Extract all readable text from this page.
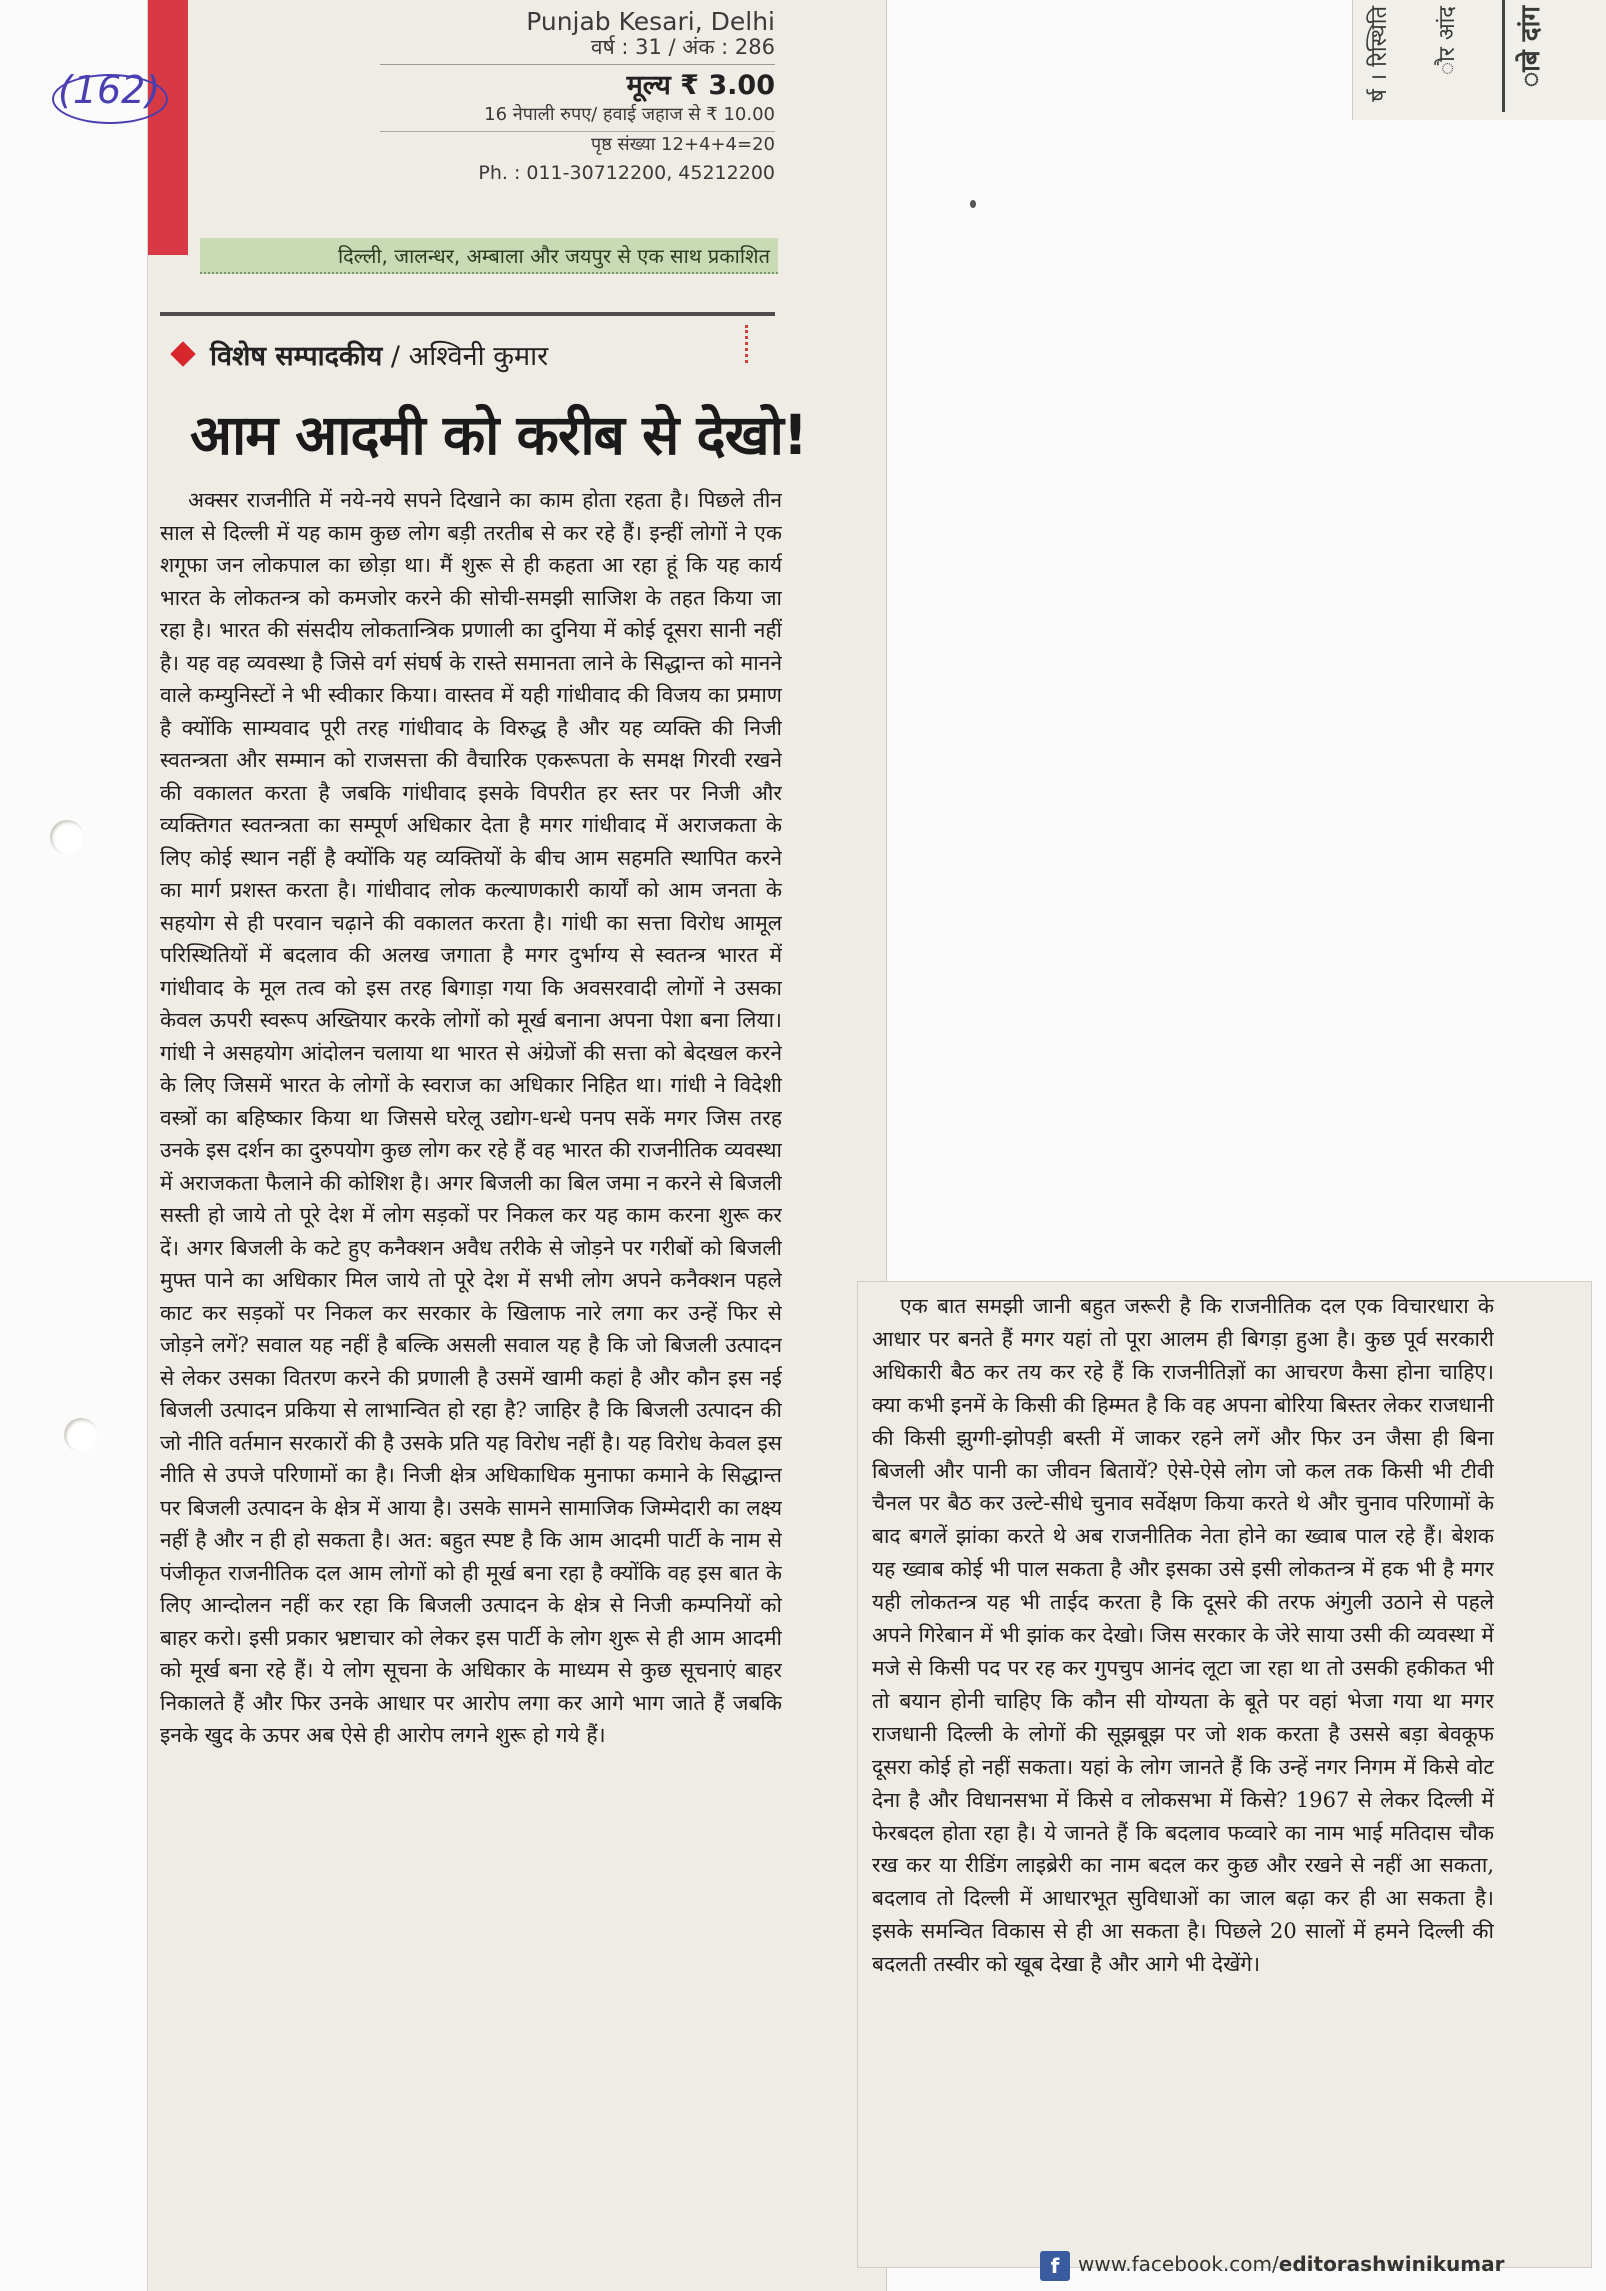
(162)
Punjab Kesari, Delhi
वर्ष : 31 / अंक : 286
मूल्य ₹ 3.00
16 नेपाली रुपए/ हवाई जहाज से ₹ 10.00
पृष्ठ संख्या 12+4+4=20
Ph. : 011-30712200, 45212200
दिल्ली, जालन्धर, अम्बाला और जयपुर से एक साथ प्रकाशित
विशेष सम्पादकीय / अश्विनी कुमार
आम आदमी को करीब से देखो!

अक्सर राजनीति में नये-नये सपने दिखाने का काम होता रहता है। पिछले तीन साल से दिल्ली में यह काम कुछ लोग बड़ी तरतीब से कर रहे हैं। इन्हीं लोगों ने एक शगूफा जन लोकपाल का छोड़ा था। मैं शुरू से ही कहता आ रहा हूं कि यह कार्य भारत के लोकतन्त्र को कमजोर करने की सोची-समझी साजिश के तहत किया जा रहा है। भारत की संसदीय लोकतान्त्रिक प्रणाली का दुनिया में कोई दूसरा सानी नहीं है। यह वह व्यवस्था है जिसे वर्ग संघर्ष के रास्ते समानता लाने के सिद्धान्त को मानने वाले कम्युनिस्टों ने भी स्वीकार किया। वास्तव में यही गांधीवाद की विजय का प्रमाण है क्योंकि साम्यवाद पूरी तरह गांधीवाद के विरुद्ध है और यह व्यक्ति की निजी स्वतन्त्रता और सम्मान को राजसत्ता की वैचारिक एकरूपता के समक्ष गिरवी रखने की वकालत करता है जबकि गांधीवाद इसके विपरीत हर स्तर पर निजी और व्यक्तिगत स्वतन्त्रता का सम्पूर्ण अधिकार देता है मगर गांधीवाद में अराजकता के लिए कोई स्थान नहीं है क्योंकि यह व्यक्तियों के बीच आम सहमति स्थापित करने का मार्ग प्रशस्त करता है। गांधीवाद लोक कल्याणकारी कार्यों को आम जनता के सहयोग से ही परवान चढ़ाने की वकालत करता है। गांधी का सत्ता विरोध आमूल परिस्थितियों में बदलाव की अलख जगाता है मगर दुर्भाग्य से स्वतन्त्र भारत में गांधीवाद के मूल तत्व को इस तरह बिगाड़ा गया कि अवसरवादी लोगों ने उसका केवल ऊपरी स्वरूप अख्तियार करके लोगों को मूर्ख बनाना अपना पेशा बना लिया। गांधी ने असहयोग आंदोलन चलाया था भारत से अंग्रेजों की सत्ता को बेदखल करने के लिए जिसमें भारत के लोगों के स्वराज का अधिकार निहित था। गांधी ने विदेशी वस्त्रों का बहिष्कार किया था जिससे घरेलू उद्योग-धन्धे पनप सकें मगर जिस तरह उनके इस दर्शन का दुरुपयोग कुछ लोग कर रहे हैं वह भारत की राजनीतिक व्यवस्था में अराजकता फैलाने की कोशिश है। अगर बिजली का बिल जमा न करने से बिजली सस्ती हो जाये तो पूरे देश में लोग सड़कों पर निकल कर यह काम करना शुरू कर दें। अगर बिजली के कटे हुए कनैक्शन अवैध तरीके से जोड़ने पर गरीबों को बिजली मुफ्त पाने का अधिकार मिल जाये तो पूरे देश में सभी लोग अपने कनैक्शन पहले काट कर सड़कों पर निकल कर सरकार के खिलाफ नारे लगा कर उन्हें फिर से जोड़ने लगें? सवाल यह नहीं है बल्कि असली सवाल यह है कि जो बिजली उत्पादन से लेकर उसका वितरण करने की प्रणाली है उसमें खामी कहां है और कौन इस नई बिजली उत्पादन प्रकिया से लाभान्वित हो रहा है? जाहिर है कि बिजली उत्पादन की जो नीति वर्तमान सरकारों की है उसके प्रति यह विरोध नहीं है। यह विरोध केवल इस नीति से उपजे परिणामों का है। निजी क्षेत्र अधिकाधिक मुनाफा कमाने के सिद्धान्त पर बिजली उत्पादन के क्षेत्र में आया है। उसके सामने सामाजिक जिम्मेदारी का लक्ष्य नहीं है और न ही हो सकता है। अत: बहुत स्पष्ट है कि आम आदमी पार्टी के नाम से पंजीकृत राजनीतिक दल आम लोगों को ही मूर्ख बना रहा है क्योंकि वह इस बात के लिए आन्दोलन नहीं कर रहा कि बिजली उत्पादन के क्षेत्र से निजी कम्पनियों को बाहर करो। इसी प्रकार भ्रष्टाचार को लेकर इस पार्टी के लोग शुरू से ही आम आदमी को मूर्ख बना रहे हैं। ये लोग सूचना के अधिकार के माध्यम से कुछ सूचनाएं बाहर निकालते हैं और फिर उनके आधार पर आरोप लगा कर आगे भाग जाते हैं जबकि इनके खुद के ऊपर अब ऐसे ही आरोप लगने शुरू हो गये हैं।

एक बात समझी जानी बहुत जरूरी है कि राजनीतिक दल एक विचारधारा के आधार पर बनते हैं मगर यहां तो पूरा आलम ही बिगड़ा हुआ है। कुछ पूर्व सरकारी अधिकारी बैठ कर तय कर रहे हैं कि राजनीतिज्ञों का आचरण कैसा होना चाहिए। क्या कभी इनमें के किसी की हिम्मत है कि वह अपना बोरिया बिस्तर लेकर राजधानी की किसी झुग्गी-झोपड़ी बस्ती में जाकर रहने लगें और फिर उन जैसा ही बिना बिजली और पानी का जीवन बितायें? ऐसे-ऐसे लोग जो कल तक किसी भी टीवी चैनल पर बैठ कर उल्टे-सीधे चुनाव सर्वेक्षण किया करते थे और चुनाव परिणामों के बाद बगलें झांका करते थे अब राजनीतिक नेता होने का ख्वाब पाल रहे हैं। बेशक यह ख्वाब कोई भी पाल सकता है और इसका उसे इसी लोकतन्त्र में हक भी है मगर यही लोकतन्त्र यह भी ताईद करता है कि दूसरे की तरफ अंगुली उठाने से पहले अपने गिरेबान में भी झांक कर देखो। जिस सरकार के जेरे साया उसी की व्यवस्था में मजे से किसी पद पर रह कर गुपचुप आनंद लूटा जा रहा था तो उसकी हकीकत भी तो बयान होनी चाहिए कि कौन सी योग्यता के बूते पर वहां भेजा गया था मगर राजधानी दिल्ली के लोगों की सूझबूझ पर जो शक करता है उससे बड़ा बेवकूफ दूसरा कोई हो नहीं सकता। यहां के लोग जानते हैं कि उन्हें नगर निगम में किसे वोट देना है और विधानसभा में किसे व लोकसभा में किसे? 1967 से लेकर दिल्ली में फेरबदल होता रहा है। ये जानते हैं कि बदलाव फव्वारे का नाम भाई मतिदास चौक रख कर या रीडिंग लाइब्रेरी का नाम बदल कर कुछ और रखने से नहीं आ सकता, बदलाव तो दिल्ली में आधारभूत सुविधाओं का जाल बढ़ा कर ही आ सकता है। इसके समन्वित विकास से ही आ सकता है। पिछले 20 सालों में हमने दिल्ली की बदलती तस्वीर को खूब देखा है और आगे भी देखेंगे।

f www.facebook.com/editorashwinikumar
र्ष । रिस्थिति ौर आंद ाबे दांग
